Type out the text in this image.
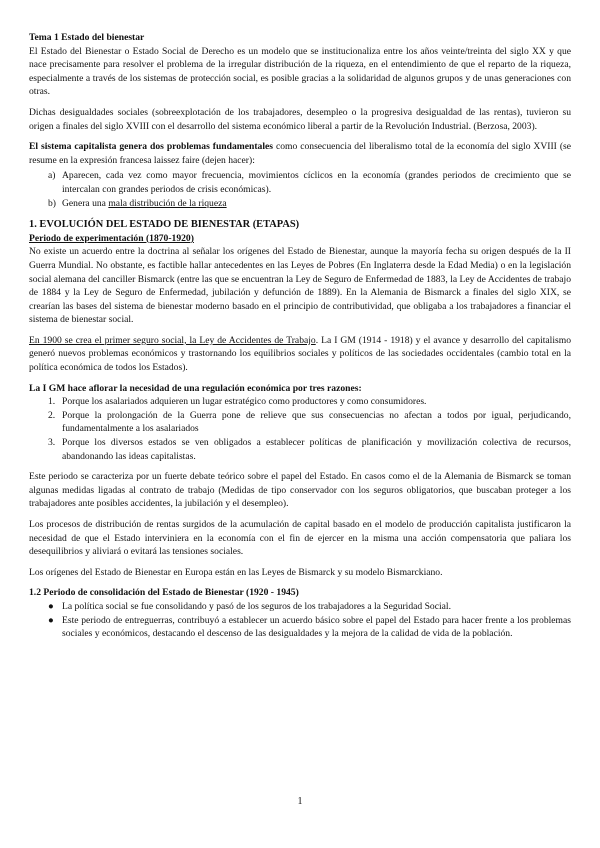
Tema 1 Estado del bienestar

El Estado del Bienestar o Estado Social de Derecho es un modelo que se institucionaliza entre los años veinte/treinta del siglo XX y que nace precisamente para resolver el problema de la irregular distribución de la riqueza, en el entendimiento de que el reparto de la riqueza, especialmente a través de los sistemas de protección social, es posible gracias a la solidaridad de algunos grupos y de unas generaciones con otras.

Dichas desigualdades sociales (sobreexplotación de los trabajadores, desempleo o la progresiva desigualdad de las rentas), tuvieron su origen a finales del siglo XVIII con el desarrollo del sistema económico liberal a partir de la Revolución Industrial. (Berzosa, 2003).

El sistema capitalista genera dos problemas fundamentales como consecuencia del liberalismo total de la economía del siglo XVIII (se resume en la expresión francesa laissez faire (dejen hacer):

a) Aparecen, cada vez como mayor frecuencia, movimientos cíclicos en la economía (grandes periodos de crecimiento que se intercalan con grandes periodos de crisis económicas).
b) Genera una mala distribución de la riqueza

1. EVOLUCIÓN DEL ESTADO DE BIENESTAR (ETAPAS)

Periodo de experimentación (1870-1920)

No existe un acuerdo entre la doctrina al señalar los orígenes del Estado de Bienestar, aunque la mayoría fecha su origen después de la II Guerra Mundial. No obstante, es factible hallar antecedentes en las Leyes de Pobres (En Inglaterra desde la Edad Media) o en la legislación social alemana del canciller Bismarck (entre las que se encuentran la Ley de Seguro de Enfermedad de 1883, la Ley de Accidentes de trabajo de 1884 y la Ley de Seguro de Enfermedad, jubilación y defunción de 1889). En la Alemania de Bismarck a finales del siglo XIX, se crearían las bases del sistema de bienestar moderno basado en el principio de contributividad, que obligaba a los trabajadores a financiar el sistema de bienestar social.

En 1900 se crea el primer seguro social, la Ley de Accidentes de Trabajo. La I GM (1914 - 1918) y el avance y desarrollo del capitalismo generó nuevos problemas económicos y trastornando los equilibrios sociales y políticos de las sociedades occidentales (cambio total en la política económica de todos los Estados).

La I GM hace aflorar la necesidad de una regulación económica por tres razones:

1. Porque los asalariados adquieren un lugar estratégico como productores y como consumidores.
2. Porque la prolongación de la Guerra pone de relieve que sus consecuencias no afectan a todos por igual, perjudicando, fundamentalmente a los asalariados
3. Porque los diversos estados se ven obligados a establecer políticas de planificación y movilización colectiva de recursos, abandonando las ideas capitalistas.

Este periodo se caracteriza por un fuerte debate teórico sobre el papel del Estado. En casos como el de la Alemania de Bismarck se toman algunas medidas ligadas al contrato de trabajo (Medidas de tipo conservador con los seguros obligatorios, que buscaban proteger a los trabajadores ante posibles accidentes, la jubilación y el desempleo).

Los procesos de distribución de rentas surgidos de la acumulación de capital basado en el modelo de producción capitalista justificaron la necesidad de que el Estado interviniera en la economía con el fin de ejercer en la misma una acción compensatoria que paliara los desequilibrios y aliviará o evitará las tensiones sociales.

Los orígenes del Estado de Bienestar en Europa están en las Leyes de Bismarck y su modelo Bismarckiano.

1.2 Periodo de consolidación del Estado de Bienestar (1920 - 1945)

● La política social se fue consolidando y pasó de los seguros de los trabajadores a la Seguridad Social.
● Este periodo de entreguerras, contribuyó a establecer un acuerdo básico sobre el papel del Estado para hacer frente a los problemas sociales y económicos, destacando el descenso de las desigualdades y la mejora de la calidad de vida de la población.
1
